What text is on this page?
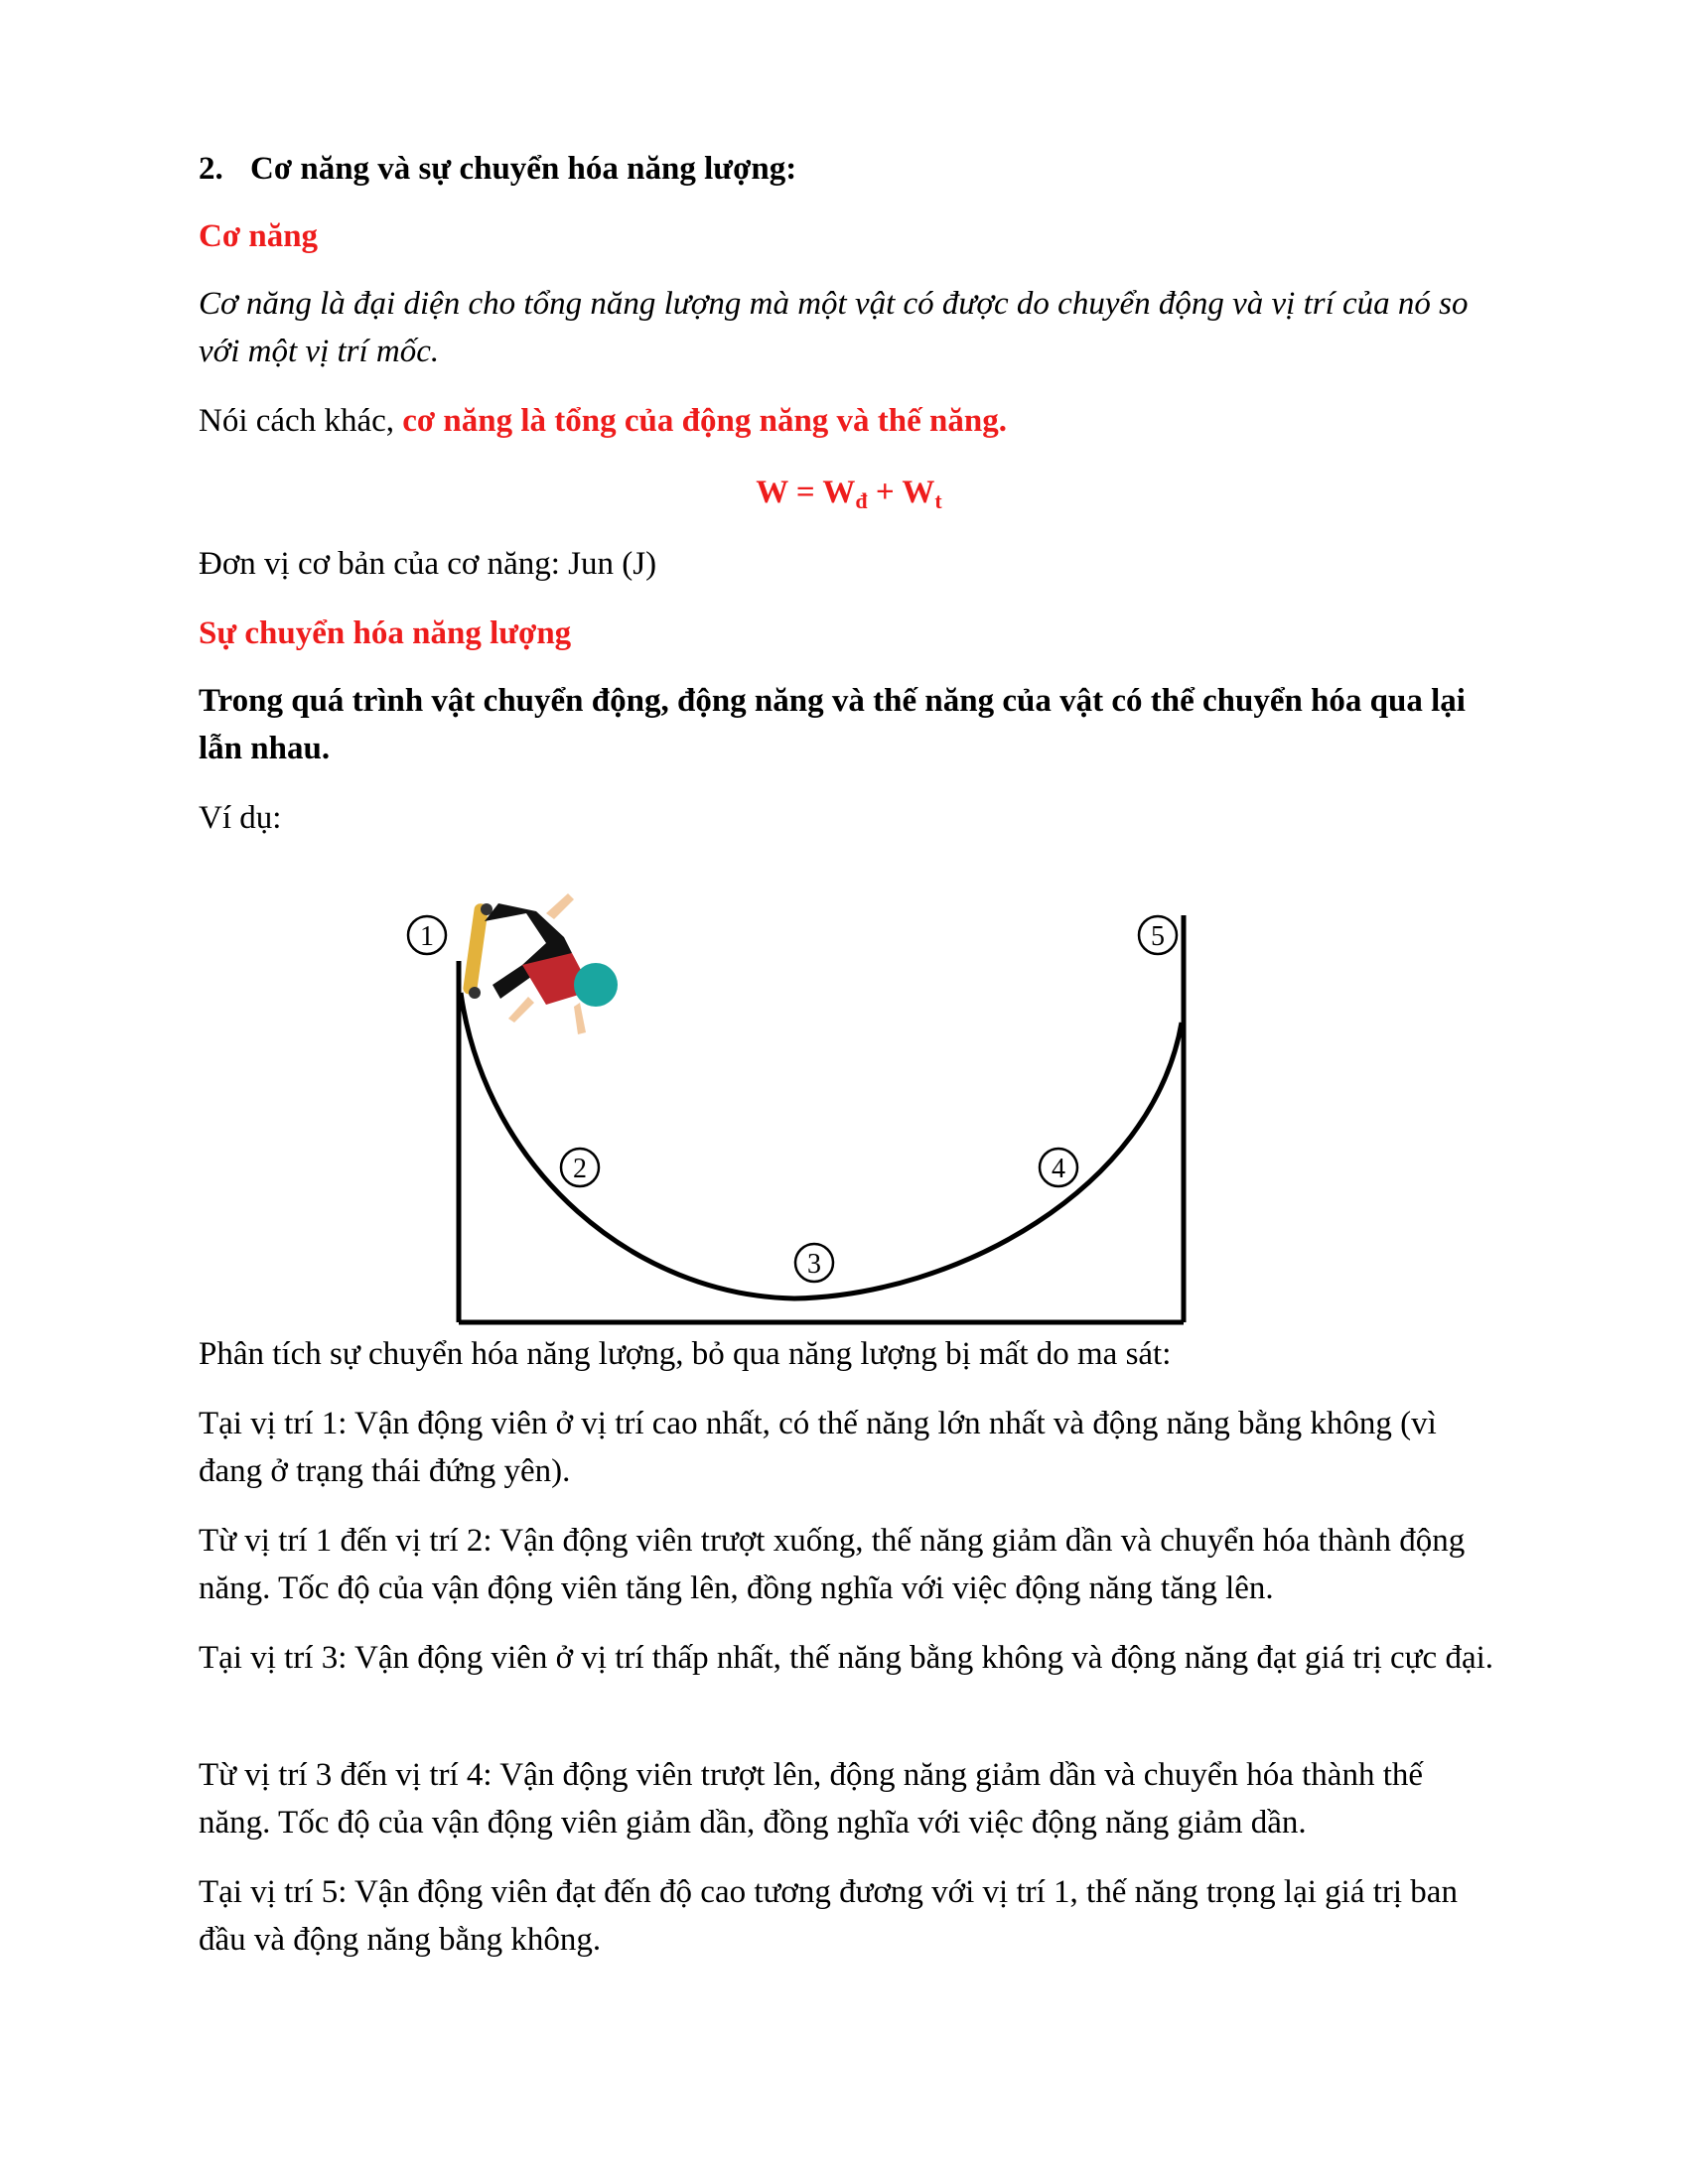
2. Cơ năng và sự chuyển hóa năng lượng:

Cơ năng

Cơ năng là đại diện cho tổng năng lượng mà một vật có được do chuyển động và vị trí của nó so với một vị trí mốc.

Nói cách khác, cơ năng là tổng của động năng và thế năng.

$W = W_đ + W_t$

Đơn vị cơ bản của cơ năng: Jun (J)

Sự chuyển hóa năng lượng

Trong quá trình vật chuyển động, động năng và thế năng của vật có thể chuyển hóa qua lại lẫn nhau.

Ví dụ:

Phân tích sự chuyển hóa năng lượng, bỏ qua năng lượng bị mất do ma sát:

Tại vị trí 1: Vận động viên ở vị trí cao nhất, có thế năng lớn nhất và động năng bằng không (vì đang ở trạng thái đứng yên).

Từ vị trí 1 đến vị trí 2: Vận động viên trượt xuống, thế năng giảm dần và chuyển hóa thành động năng. Tốc độ của vận động viên tăng lên, đồng nghĩa với việc động năng tăng lên.

Tại vị trí 3: Vận động viên ở vị trí thấp nhất, thế năng bằng không và động năng đạt giá trị cực đại.

Từ vị trí 3 đến vị trí 4: Vận động viên trượt lên, động năng giảm dần và chuyển hóa thành thế năng. Tốc độ của vận động viên giảm dần, đồng nghĩa với việc động năng giảm dần.

Tại vị trí 5: Vận động viên đạt đến độ cao tương đương với vị trí 1, thế năng trọng lại giá trị ban đầu và động năng bằng không.

1
2
3
4
5
